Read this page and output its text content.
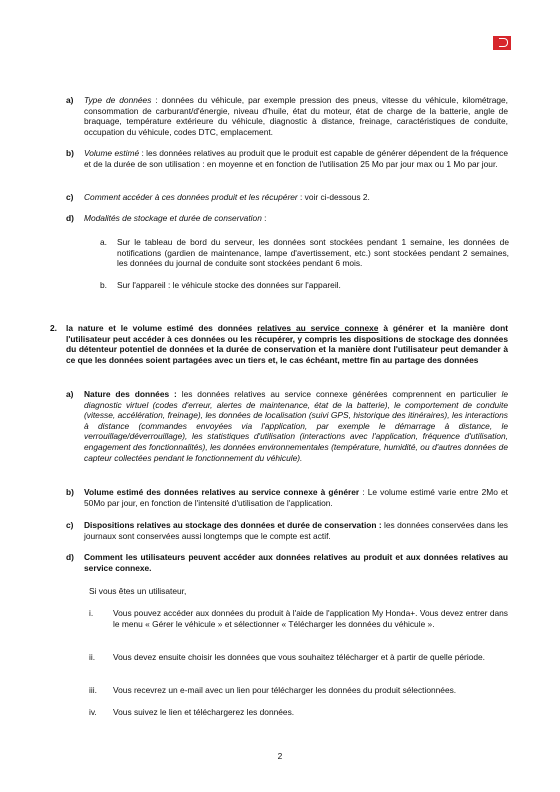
a) Type de données : données du véhicule, par exemple pression des pneus, vitesse du véhicule, kilométrage, consommation de carburant/d'énergie, niveau d'huile, état du moteur, état de charge de la batterie, angle de braquage, température extérieure du véhicule, diagnostic à distance, freinage, caractéristiques de conduite, occupation du véhicule, codes DTC, emplacement.
b) Volume estimé : les données relatives au produit que le produit est capable de générer dépendent de la fréquence et de la durée de son utilisation : en moyenne et en fonction de l'utilisation 25 Mo par jour max ou 1 Mo par jour.
c) Comment accéder à ces données produit et les récupérer : voir ci-dessous 2.
d) Modalités de stockage et durée de conservation :
a. Sur le tableau de bord du serveur, les données sont stockées pendant 1 semaine, les données de notifications (gardien de maintenance, lampe d'avertissement, etc.) sont stockées pendant 2 semaines, les données du journal de conduite sont stockées pendant 6 mois.
b. Sur l'appareil : le véhicule stocke des données sur l'appareil.
2. la nature et le volume estimé des données relatives au service connexe à générer et la manière dont l'utilisateur peut accéder à ces données ou les récupérer, y compris les dispositions de stockage des données du détenteur potentiel de données et la durée de conservation et la manière dont l'utilisateur peut demander à ce que les données soient partagées avec un tiers et, le cas échéant, mettre fin au partage des données
a) Nature des données : les données relatives au service connexe générées comprennent en particulier le diagnostic virtuel (codes d'erreur, alertes de maintenance, état de la batterie), le comportement de conduite (vitesse, accélération, freinage), les données de localisation (suivi GPS, historique des itinéraires), les interactions à distance (commandes envoyées via l'application, par exemple le démarrage à distance, le verrouillage/déverrouillage), les statistiques d'utilisation (interactions avec l'application, fréquence d'utilisation, engagement des fonctionnalités), les données environnementales (température, humidité, ou d'autres données de capteur collectées pendant le fonctionnement du véhicule).
b) Volume estimé des données relatives au service connexe à générer : Le volume estimé varie entre 2Mo et 50Mo par jour, en fonction de l'intensité d'utilisation de l'application.
c) Dispositions relatives au stockage des données et durée de conservation : les données conservées dans les journaux sont conservées aussi longtemps que le compte est actif.
d) Comment les utilisateurs peuvent accéder aux données relatives au produit et aux données relatives au service connexe.
Si vous êtes un utilisateur,
i. Vous pouvez accéder aux données du produit à l'aide de l'application My Honda+. Vous devez entrer dans le menu « Gérer le véhicule » et sélectionner « Télécharger les données du véhicule ».
ii. Vous devez ensuite choisir les données que vous souhaitez télécharger et à partir de quelle période.
iii. Vous recevrez un e-mail avec un lien pour télécharger les données du produit sélectionnées.
iv. Vous suivez le lien et téléchargerez les données.
2
